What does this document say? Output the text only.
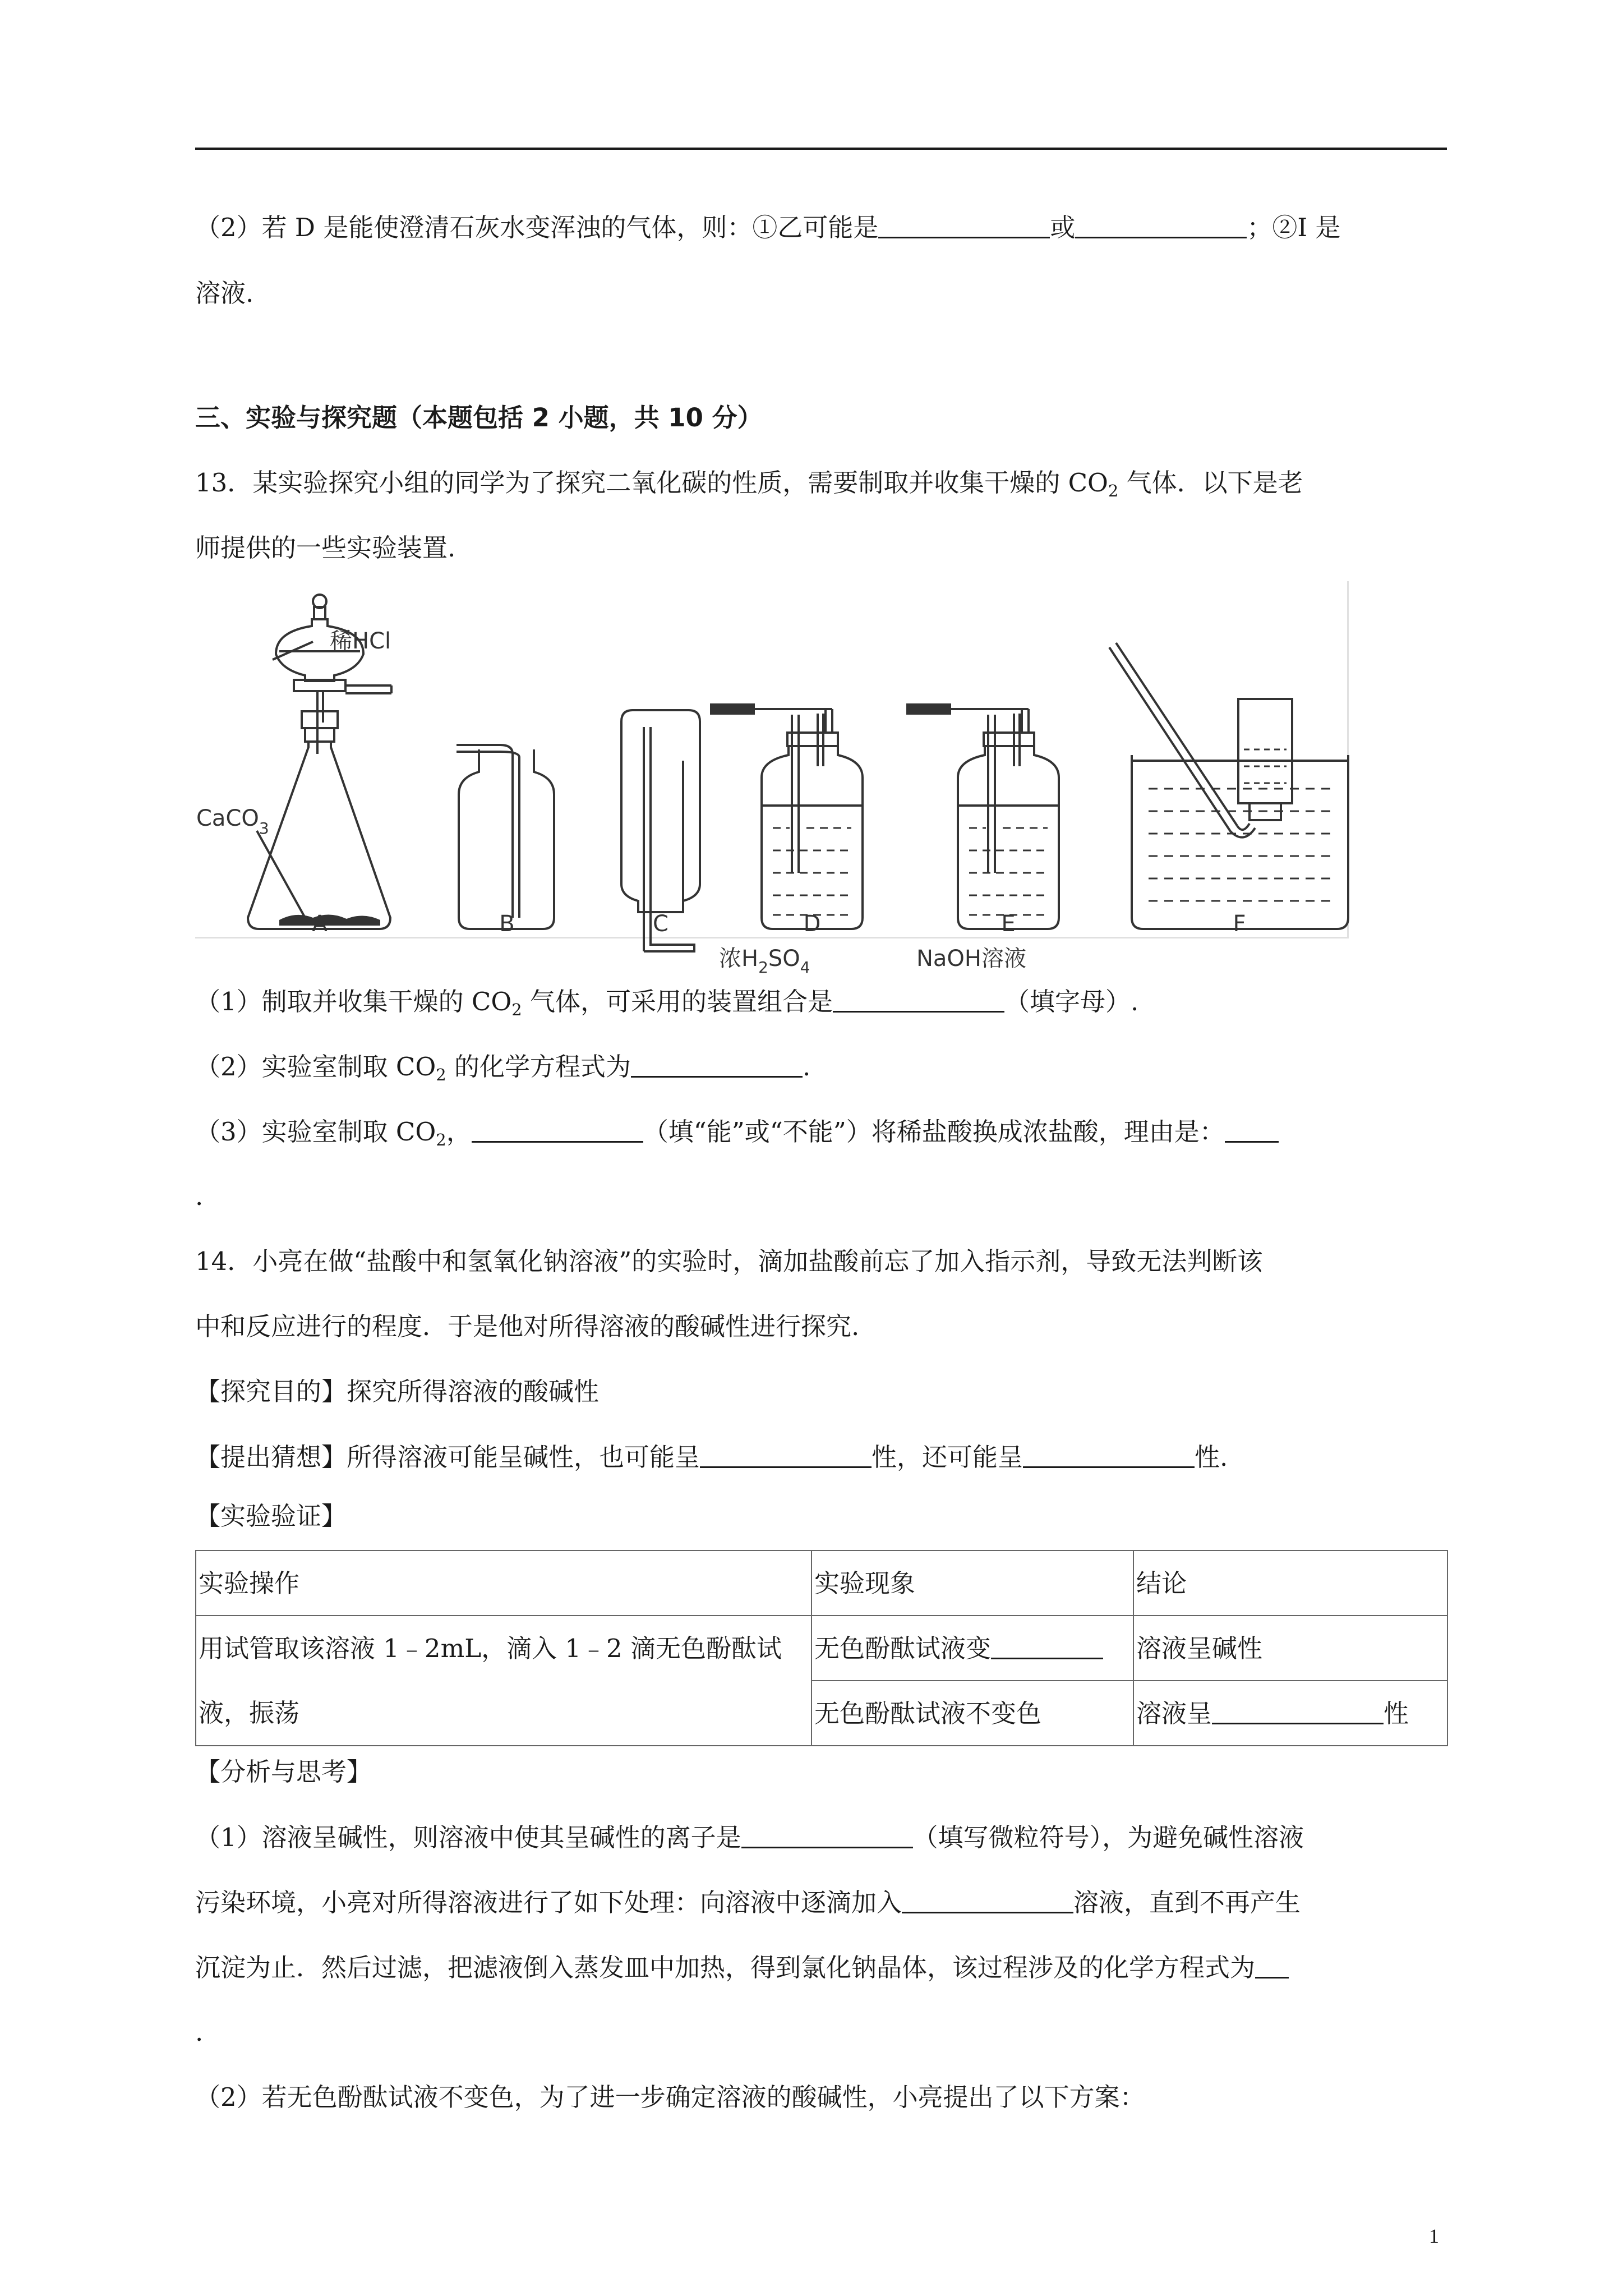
（2）若 D 是能使澄清石灰水变浑浊的气体，则：①乙可能是	或	；②I 是
溶液.
三、实验与探究题（本题包括 2 小题，共 10 分）
13．某实验探究小组的同学为了探究二氧化碳的性质，需要制取并收集干燥的 $CO_2$ 气体．以下是老
师提供的一些实验装置.
稀HCl
CaCO$_3$
浓$H_2SO_4$	NaOH溶液
A	B	C	D	E	F
（1）制取并收集干燥的 $CO_2$ 气体，可采用的装置组合是	（填字母）.
（2）实验室制取 $CO_2$ 的化学方程式为	.
（3）实验室制取 $CO_2$，	（填“能”或“不能”）将稀盐酸换成浓盐酸，理由是：
.
14．小亮在做“盐酸中和氢氧化钠溶液”的实验时，滴加盐酸前忘了加入指示剂，导致无法判断该
中和反应进行的程度．于是他对所得溶液的酸碱性进行探究.
【探究目的】探究所得溶液的酸碱性
【提出猜想】所得溶液可能呈碱性，也可能呈	性，还可能呈	性.
【实验验证】
实验操作	实验现象	结论

用试管取该溶液 1﹣2mL，滴入 1﹣2 滴无色酚酞试
液，振荡	无色酚酞试液变	溶液呈碱性
	无色酚酞试液不变色	溶液呈 性
【分析与思考】
（1）溶液呈碱性，则溶液中使其呈碱性的离子是	（填写微粒符号），为避免碱性溶液
污染环境，小亮对所得溶液进行了如下处理：向溶液中逐滴加入	溶液，直到不再产生
沉淀为止．然后过滤，把滤液倒入蒸发皿中加热，得到氯化钠晶体，该过程涉及的化学方程式为
.
（2）若无色酚酞试液不变色，为了进一步确定溶液的酸碱性，小亮提出了以下方案：
1
